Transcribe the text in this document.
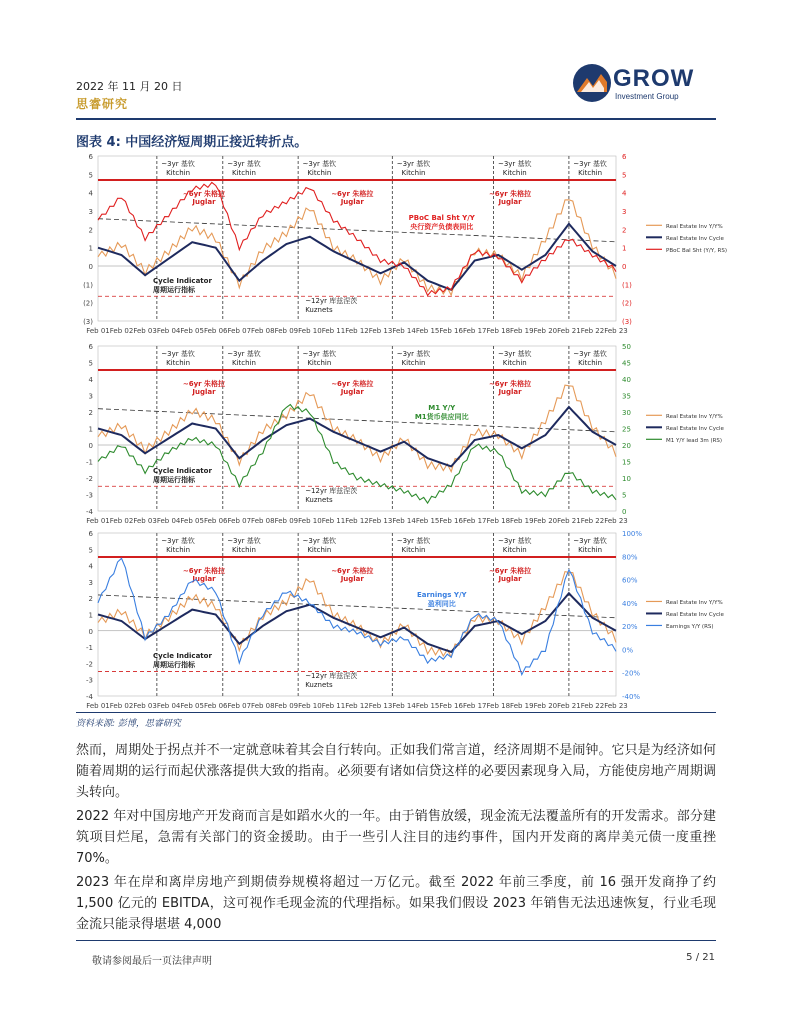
2022 年 11 月 20 日
思睿研究
GROW
Investment Group
图表 4: 中国经济短周期正接近转折点。
6
5
4
3
2
1
0
(1)
(2)
(3)
6
5
4
3
2
1
0
(1)
(2)
(3)
Feb 01 Feb 02 Feb 03 Feb 04 Feb 05 Feb 06 Feb 07 Feb 08 Feb 09 Feb 10 Feb 11 Feb 12 Feb 13 Feb 14 Feb 15 Feb 16 Feb 17 Feb 18 Feb 19 Feb 20 Feb 21 Feb 22 Feb 23
~3yr 基钦
Kitchin
~3yr 基钦
Kitchin
~3yr 基钦
Kitchin
~3yr 基钦
Kitchin
~3yr 基钦
Kitchin
~3yr 基钦
Kitchin
~6yr 朱格拉
Juglar
~6yr 朱格拉
Juglar
~6yr 朱格拉
Juglar
PBoC Bal Sht Y/Y
央行资产负债表同比
Cycle Indicator
周期运行指标
~12yr 库兹涅茨
Kuznets
Real Estate Inv Y/Y%
Real Estate Inv Cycle
PBoC Bal Sht (Y/Y, RS)
6
5
4
3
2
1
0
-1
-2
-3
-4
50
45
40
35
30
25
20
15
10
5
0
Feb 01 Feb 02 Feb 03 Feb 04 Feb 05 Feb 06 Feb 07 Feb 08 Feb 09 Feb 10 Feb 11 Feb 12 Feb 13 Feb 14 Feb 15 Feb 16 Feb 17 Feb 18 Feb 19 Feb 20 Feb 21 Feb 22 Feb 23
~3yr 基钦
Kitchin
~3yr 基钦
Kitchin
~3yr 基钦
Kitchin
~3yr 基钦
Kitchin
~3yr 基钦
Kitchin
~3yr 基钦
Kitchin
~6yr 朱格拉
Juglar
~6yr 朱格拉
Juglar
~6yr 朱格拉
Juglar
M1 Y/Y
M1货币供应同比
Cycle Indicator
周期运行指标
~12yr 库兹涅茨
Kuznets
Real Estate Inv Y/Y%
Real Estate Inv Cycle
M1 Y/Y lead 3m (RS)
6
5
4
3
2
1
0
-1
-2
-3
-4
100%
80%
60%
40%
20%
0%
-20%
-40%
Feb 01 Feb 02 Feb 03 Feb 04 Feb 05 Feb 06 Feb 07 Feb 08 Feb 09 Feb 10 Feb 11 Feb 12 Feb 13 Feb 14 Feb 15 Feb 16 Feb 17 Feb 18 Feb 19 Feb 20 Feb 21 Feb 22 Feb 23
~3yr 基钦
Kitchin
~3yr 基钦
Kitchin
~3yr 基钦
Kitchin
~3yr 基钦
Kitchin
~3yr 基钦
Kitchin
~3yr 基钦
Kitchin
~6yr 朱格拉
Juglar
~6yr 朱格拉
Juglar
~6yr 朱格拉
Juglar
Earnings Y/Y
盈利同比
Cycle Indicator
周期运行指标
~12yr 库兹涅茨
Kuznets
Real Estate Inv Y/Y%
Real Estate Inv Cycle
Earnings Y/Y (RS)
资料来源: 彭博，思睿研究
然而，周期处于拐点并不一定就意味着其会自行转向。正如我们常言道，经济周期不是闹钟。它只是为经济如何随着周期的运行而起伏涨落提供大致的指南。必须要有诸如信贷这样的必要因素现身入局，方能使房地产周期调头转向。
2022 年对中国房地产开发商而言是如蹈水火的一年。由于销售放缓，现金流无法覆盖所有的开发需求。部分建筑项目烂尾，急需有关部门的资金援助。由于一些引人注目的违约事件，国内开发商的离岸美元债一度重挫 70%。
2023 年在岸和离岸房地产到期债券规模将超过一万亿元。截至 2022 年前三季度，前 16 强开发商挣了约 1,500 亿元的 EBITDA，这可视作毛现金流的代理指标。如果我们假设 2023 年销售无法迅速恢复，行业毛现金流只能录得堪堪 4,000
敬请参阅最后一页法律声明	5 / 21
